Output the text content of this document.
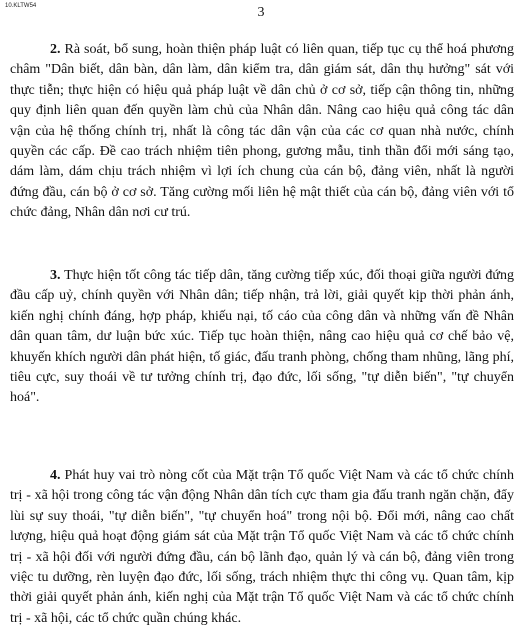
10.KLTW54	3

2. Rà soát, bổ sung, hoàn thiện pháp luật có liên quan, tiếp tục cụ thể hoá phương châm "Dân biết, dân bàn, dân làm, dân kiểm tra, dân giám sát, dân thụ hưởng" sát với thực tiễn; thực hiện có hiệu quả pháp luật về dân chủ ở cơ sở, tiếp cận thông tin, những quy định liên quan đến quyền làm chủ của Nhân dân. Nâng cao hiệu quả công tác dân vận của hệ thống chính trị, nhất là công tác dân vận của các cơ quan nhà nước, chính quyền các cấp. Đề cao trách nhiệm tiên phong, gương mẫu, tinh thần đổi mới sáng tạo, dám làm, dám chịu trách nhiệm vì lợi ích chung của cán bộ, đảng viên, nhất là người đứng đầu, cán bộ ở cơ sở. Tăng cường mối liên hệ mật thiết của cán bộ, đảng viên với tổ chức đảng, Nhân dân nơi cư trú.

3. Thực hiện tốt công tác tiếp dân, tăng cường tiếp xúc, đối thoại giữa người đứng đầu cấp uỷ, chính quyền với Nhân dân; tiếp nhận, trả lời, giải quyết kịp thời phản ánh, kiến nghị chính đáng, hợp pháp, khiếu nại, tố cáo của công dân và những vấn đề Nhân dân quan tâm, dư luận bức xúc. Tiếp tục hoàn thiện, nâng cao hiệu quả cơ chế bảo vệ, khuyến khích người dân phát hiện, tố giác, đấu tranh phòng, chống tham nhũng, lãng phí, tiêu cực, suy thoái về tư tưởng chính trị, đạo đức, lối sống, "tự diễn biến", "tự chuyển hoá".

4. Phát huy vai trò nòng cốt của Mặt trận Tổ quốc Việt Nam và các tổ chức chính trị - xã hội trong công tác vận động Nhân dân tích cực tham gia đấu tranh ngăn chặn, đẩy lùi sự suy thoái, "tự diễn biến", "tự chuyển hoá" trong nội bộ. Đổi mới, nâng cao chất lượng, hiệu quả hoạt động giám sát của Mặt trận Tổ quốc Việt Nam và các tổ chức chính trị - xã hội đối với người đứng đầu, cán bộ lãnh đạo, quản lý và cán bộ, đảng viên trong việc tu dưỡng, rèn luyện đạo đức, lối sống, trách nhiệm thực thi công vụ. Quan tâm, kịp thời giải quyết phản ánh, kiến nghị của Mặt trận Tổ quốc Việt Nam và các tổ chức chính trị - xã hội, các tổ chức quần chúng khác.
